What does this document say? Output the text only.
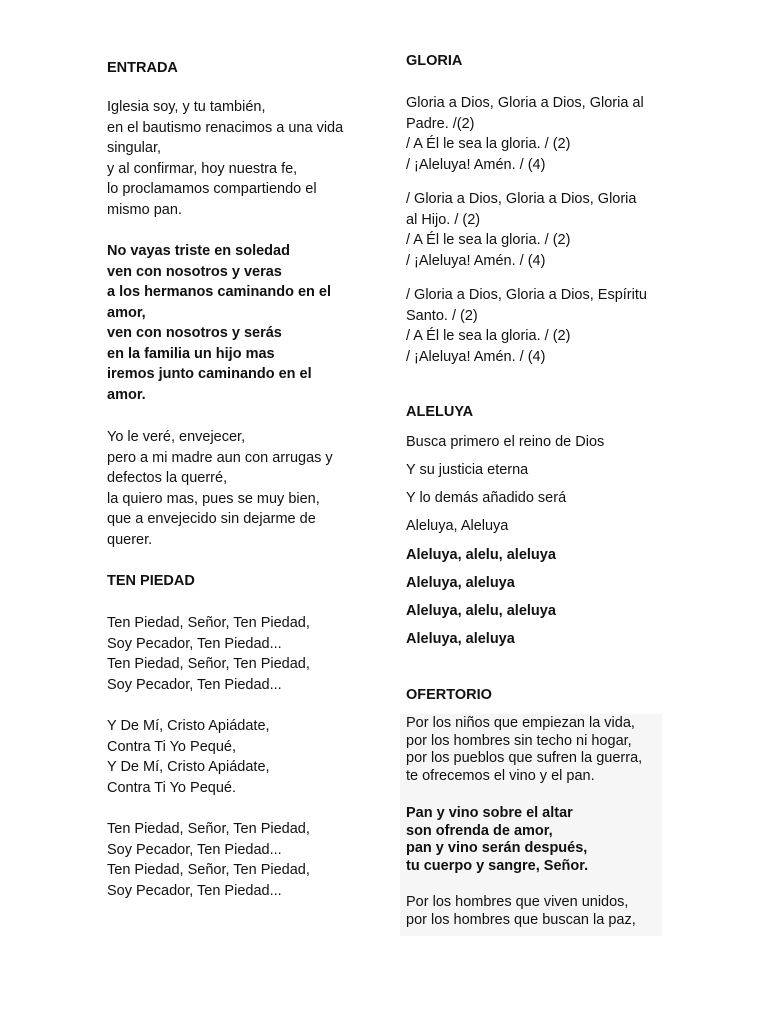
ENTRADA
Iglesia soy, y tu también,
en el bautismo renacimos a una vida
singular,
y al confirmar, hoy nuestra fe,
lo proclamamos compartiendo el
mismo pan.
No vayas triste en soledad
ven con nosotros y veras
a los hermanos caminando en el
amor,
ven con nosotros y serás
en la familia un hijo mas
iremos junto caminando en el
amor.
Yo le veré, envejecer,
pero a mi madre aun con arrugas y
defectos la querré,
la quiero mas, pues se muy bien,
que a envejecido sin dejarme de
querer.
TEN PIEDAD
Ten Piedad, Señor, Ten Piedad,
Soy Pecador, Ten Piedad...
Ten Piedad, Señor, Ten Piedad,
Soy Pecador, Ten Piedad...
Y De Mí, Cristo Apiádate,
Contra Ti Yo Pequé,
Y De Mí, Cristo Apiádate,
Contra Ti Yo Pequé.
Ten Piedad, Señor, Ten Piedad,
Soy Pecador, Ten Piedad...
Ten Piedad, Señor, Ten Piedad,
Soy Pecador, Ten Piedad...
GLORIA
Gloria a Dios, Gloria a Dios, Gloria al
Padre. /(2)
/ A Él le sea la gloria. / (2)
/ ¡Aleluya! Amén. / (4)
/ Gloria a Dios, Gloria a Dios, Gloria
al Hijo. / (2)
/ A Él le sea la gloria. / (2)
/ ¡Aleluya! Amén. / (4)
/ Gloria a Dios, Gloria a Dios, Espíritu
Santo. / (2)
/ A Él le sea la gloria. / (2)
/ ¡Aleluya! Amén. / (4)
ALELUYA
Busca primero el reino de Dios
Y su justicia eterna
Y lo demás añadido será
Aleluya, Aleluya
Aleluya, alelu, aleluya
Aleluya, aleluya
Aleluya, alelu, aleluya
Aleluya, aleluya
OFERTORIO
Por los niños que empiezan la vida,
por los hombres sin techo ni hogar,
por los pueblos que sufren la guerra,
te ofrecemos el vino y el pan.
Pan y vino sobre el altar
son ofrenda de amor,
pan y vino serán después,
tu cuerpo y sangre, Señor.
Por los hombres que viven unidos,
por los hombres que buscan la paz,
